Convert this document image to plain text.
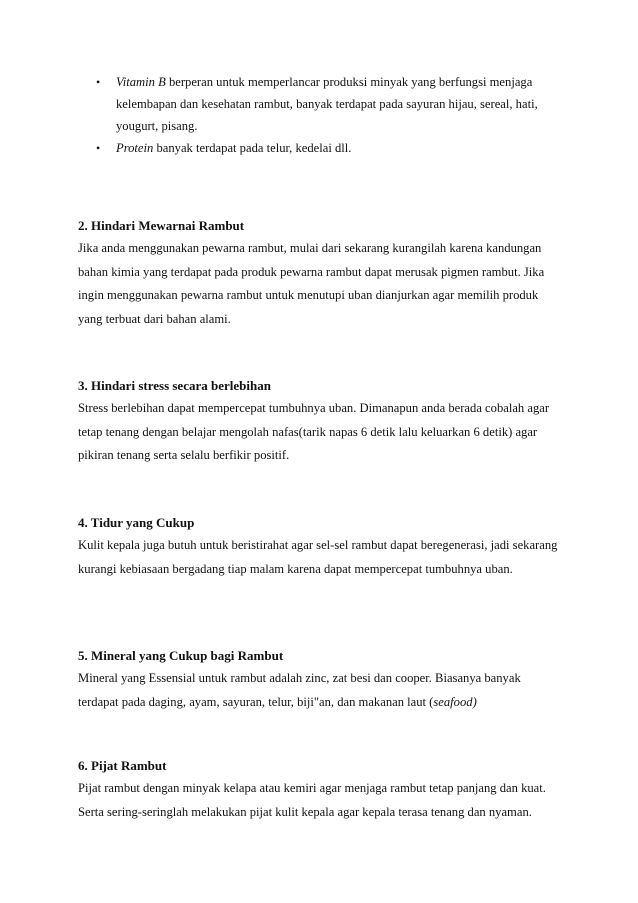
• Vitamin B berperan untuk memperlancar produksi minyak yang berfungsi menjaga kelembapan dan kesehatan rambut, banyak terdapat pada sayuran hijau, sereal, hati, yougurt, pisang.
• Protein banyak terdapat pada telur, kedelai dll.
2. Hindari Mewarnai Rambut
Jika anda menggunakan pewarna rambut, mulai dari sekarang kurangilah karena kandungan bahan kimia yang terdapat pada produk pewarna rambut dapat merusak pigmen rambut. Jika ingin menggunakan pewarna rambut untuk menutupi uban dianjurkan agar memilih produk yang terbuat dari bahan alami.
3. Hindari stress secara berlebihan
Stress berlebihan dapat mempercepat tumbuhnya uban. Dimanapun anda berada cobalah agar tetap tenang dengan belajar mengolah nafas(tarik napas 6 detik lalu keluarkan 6 detik) agar pikiran tenang serta selalu berfikir positif.
4. Tidur yang Cukup
Kulit kepala juga butuh untuk beristirahat agar sel-sel rambut dapat beregenerasi, jadi sekarang kurangi kebiasaan bergadang tiap malam karena dapat mempercepat tumbuhnya uban.
5. Mineral yang Cukup bagi Rambut
Mineral yang Essensial untuk rambut adalah zinc, zat besi dan cooper. Biasanya banyak terdapat pada daging, ayam, sayuran, telur, biji"an, dan makanan laut (seafood)
6. Pijat Rambut
Pijat rambut dengan minyak kelapa atau kemiri agar menjaga rambut tetap panjang dan kuat. Serta sering-seringlah melakukan pijat kulit kepala agar kepala terasa tenang dan nyaman.
